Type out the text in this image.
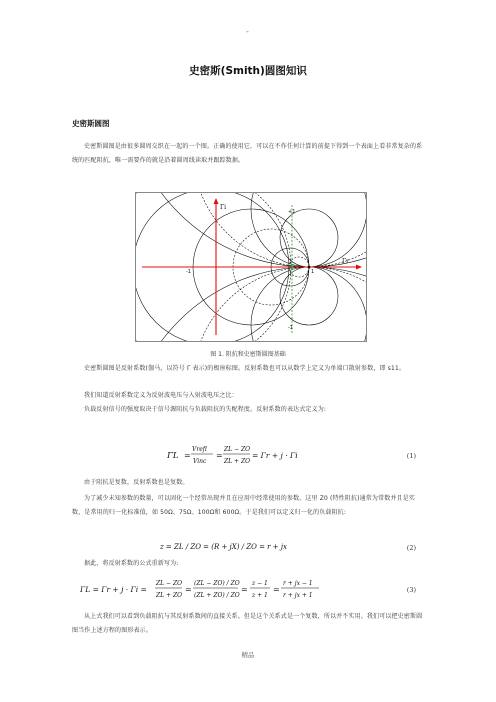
-
史密斯(Smith)圆图知识
史密斯圆图
史密斯圆图是由很多圆周交织在一起的一个图。正确的使用它，可以在不作任何计算的前提下得到一个表面上看非常复杂的系统的匹配阻抗，唯一需要作的就是沿着圆周线读取并跟踪数据。
Γi
Γr
+1
-1
-1	1
图 1. 阻抗和史密斯圆图基础
史密斯圆图是反射系数(伽马，以符号 Γ 表示)的极座标图。反射系数也可以从数学上定义为单端口散射参数，即 s11。
我们知道反射系数定义为反射波电压与入射波电压之比：
负载反射信号的强度取决于信号源阻抗与负载阻抗的失配程度。反射系数的表达式定义为:
ΓL =
Vrefl
Vinc
=
ZL − ZO
ZL + ZO
= Γr + j · Γi	(1)
由于阻抗是复数，反射系数也是复数。
为了减少未知参数的数量，可以固化一个经常出现并且在应用中经常使用的参数。这里 Z0 (特性阻抗)通常为常数并且是实数，是常用的归一化标准值，如 50Ω、75Ω、100Ω和 600Ω。于是我们可以定义归一化的负载阻抗:
z = ZL / ZO = (R + jX) / ZO = r + jx	(2)
据此，将反射系数的公式重新写为:
ΓL = Γr + j · Γi =
ZL − ZO
ZL + ZO
=
(ZL − ZO) / ZO
(ZL + ZO) / ZO
=
z − 1
z + 1
=
r + jx − 1
r + jx + 1
(3)
从上式我们可以看到负载阻抗与其反射系数间的直接关系。但是这个关系式是一个复数，所以并不实用。我们可以把史密斯圆图当作上述方程的图形表示。
精品
